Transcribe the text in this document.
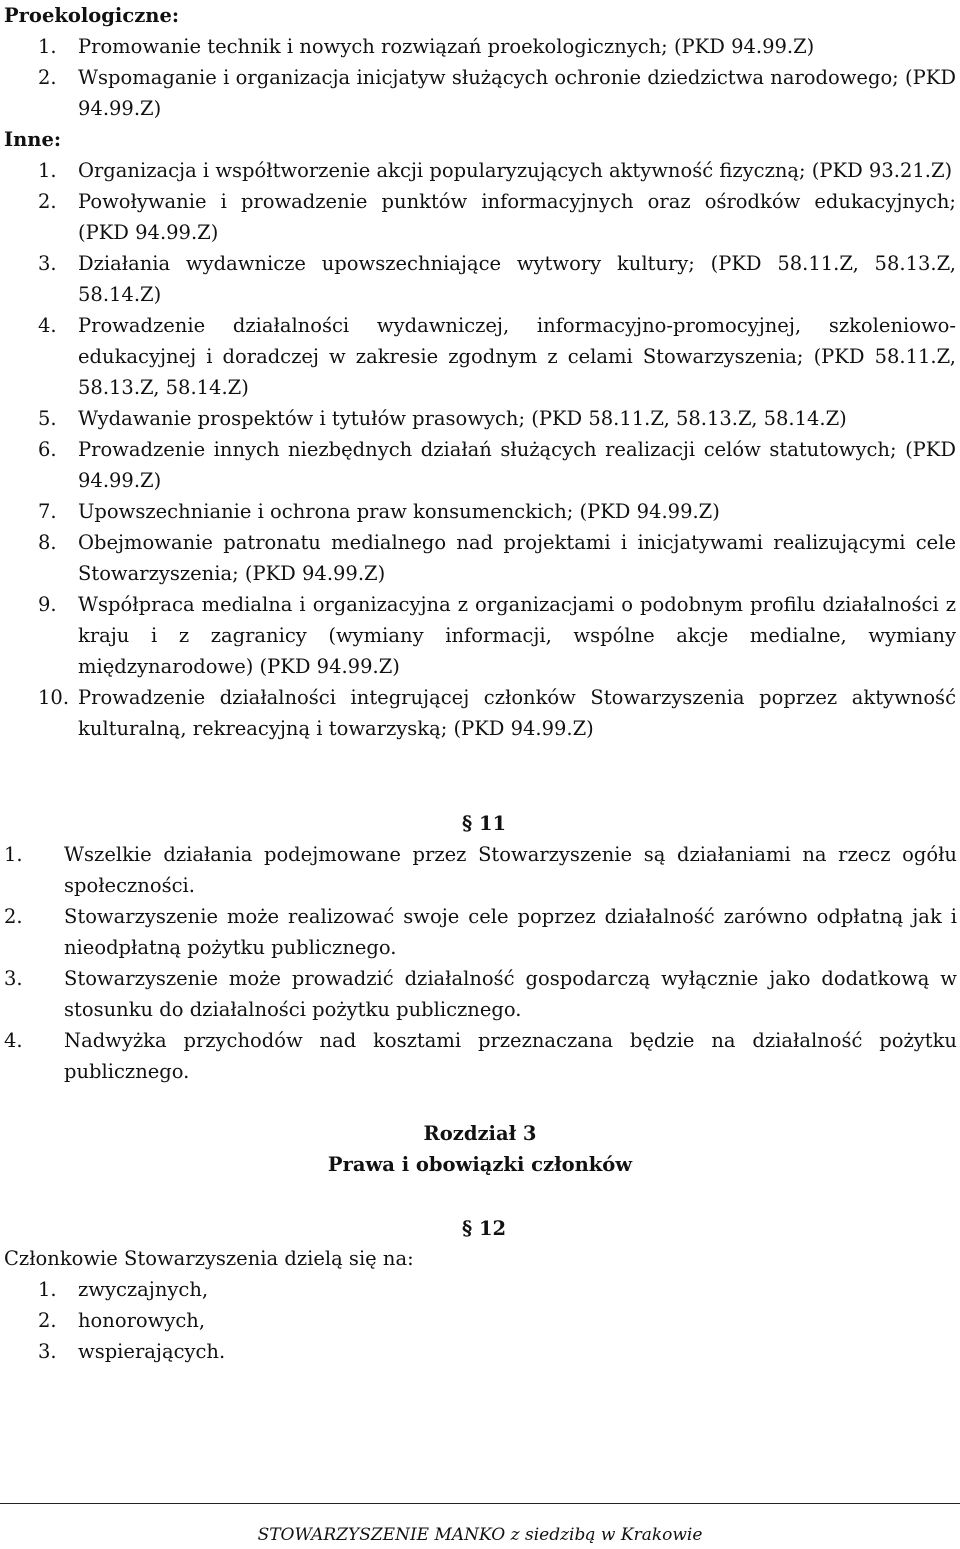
Proekologiczne:

1.	Promowanie technik i nowych rozwiązań proekologicznych; (PKD 94.99.Z)
2.	Wspomaganie i organizacja inicjatyw służących ochronie dziedzictwa narodowego; (PKD 94.99.Z)

Inne:

1.	Organizacja i współtworzenie akcji popularyzujących aktywność fizyczną; (PKD 93.21.Z)
2.	Powoływanie i prowadzenie punktów informacyjnych oraz ośrodków edukacyjnych; (PKD 94.99.Z)
3.	Działania wydawnicze upowszechniające wytwory kultury; (PKD 58.11.Z, 58.13.Z, 58.14.Z)
4.	Prowadzenie działalności wydawniczej, informacyjno-promocyjnej, szkoleniowo-edukacyjnej i doradczej w zakresie zgodnym z celami Stowarzyszenia; (PKD 58.11.Z, 58.13.Z, 58.14.Z)
5.	Wydawanie prospektów i tytułów prasowych; (PKD 58.11.Z, 58.13.Z, 58.14.Z)
6.	Prowadzenie innych niezbędnych działań służących realizacji celów statutowych; (PKD 94.99.Z)
7.	Upowszechnianie i ochrona praw konsumenckich; (PKD 94.99.Z)
8.	Obejmowanie patronatu medialnego nad projektami i inicjatywami realizującymi cele Stowarzyszenia; (PKD 94.99.Z)
9.	Współpraca medialna i organizacyjna z organizacjami o podobnym profilu działalności z kraju i z zagranicy (wymiany informacji, wspólne akcje medialne, wymiany międzynarodowe) (PKD 94.99.Z)
10. Prowadzenie działalności integrującej członków Stowarzyszenia poprzez aktywność kulturalną, rekreacyjną i towarzyską; (PKD 94.99.Z)

§ 11

1.	Wszelkie działania podejmowane przez Stowarzyszenie są działaniami na rzecz ogółu społeczności.
2.	Stowarzyszenie może realizować swoje cele poprzez działalność zarówno odpłatną jak i nieodpłatną pożytku publicznego.
3.	Stowarzyszenie może prowadzić działalność gospodarczą wyłącznie jako dodatkową w stosunku do działalności pożytku publicznego.
4.	Nadwyżka przychodów nad kosztami przeznaczana będzie na działalność pożytku publicznego.

Rozdział 3

Prawa i obowiązki członków

§ 12

Członkowie Stowarzyszenia dzielą się na:

1.	zwyczajnych,
2.	honorowych,
3.	wspierających.

STOWARZYSZENIE MANKO z siedzibą w Krakowie
